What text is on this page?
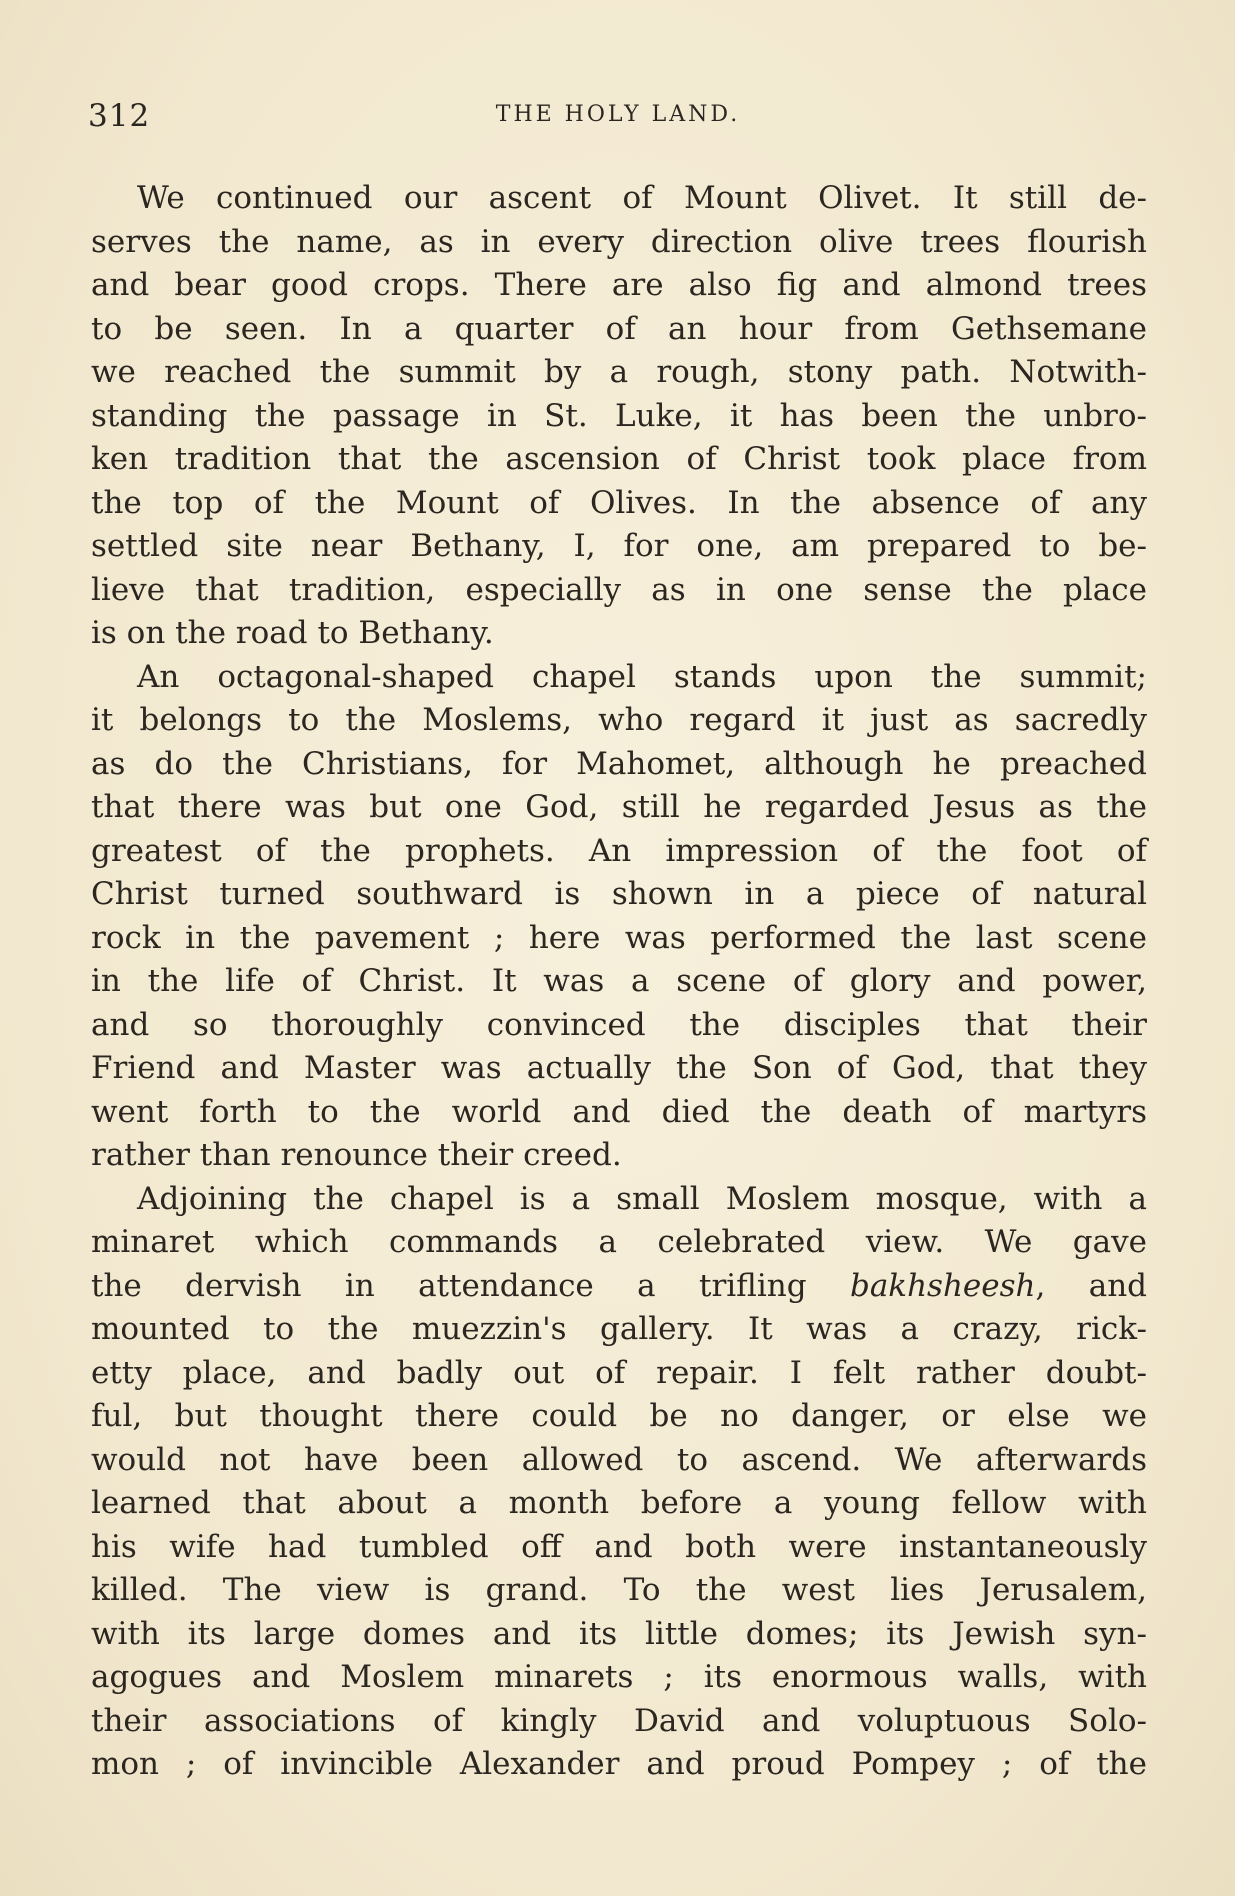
312	THE HOLY LAND.
We continued our ascent of Mount Olivet. It still de-
serves the name, as in every direction olive trees flourish
and bear good crops. There are also fig and almond trees
to be seen. In a quarter of an hour from Gethsemane
we reached the summit by a rough, stony path. Notwith-
standing the passage in St. Luke, it has been the unbro-
ken tradition that the ascension of Christ took place from
the top of the Mount of Olives. In the absence of any
settled site near Bethany, I, for one, am prepared to be-
lieve that tradition, especially as in one sense the place
is on the road to Bethany.
An octagonal-shaped chapel stands upon the summit;
it belongs to the Moslems, who regard it just as sacredly
as do the Christians, for Mahomet, although he preached
that there was but one God, still he regarded Jesus as the
greatest of the prophets. An impression of the foot of
Christ turned southward is shown in a piece of natural
rock in the pavement ; here was performed the last scene
in the life of Christ. It was a scene of glory and power,
and so thoroughly convinced the disciples that their
Friend and Master was actually the Son of God, that they
went forth to the world and died the death of martyrs
rather than renounce their creed.
Adjoining the chapel is a small Moslem mosque, with a
minaret which commands a celebrated view. We gave
the dervish in attendance a trifling bakhsheesh, and
mounted to the muezzin's gallery. It was a crazy, rick-
etty place, and badly out of repair. I felt rather doubt-
ful, but thought there could be no danger, or else we
would not have been allowed to ascend. We afterwards
learned that about a month before a young fellow with
his wife had tumbled off and both were instantaneously
killed. The view is grand. To the west lies Jerusalem,
with its large domes and its little domes; its Jewish syn-
agogues and Moslem minarets ; its enormous walls, with
their associations of kingly David and voluptuous Solo-
mon ; of invincible Alexander and proud Pompey ; of the
